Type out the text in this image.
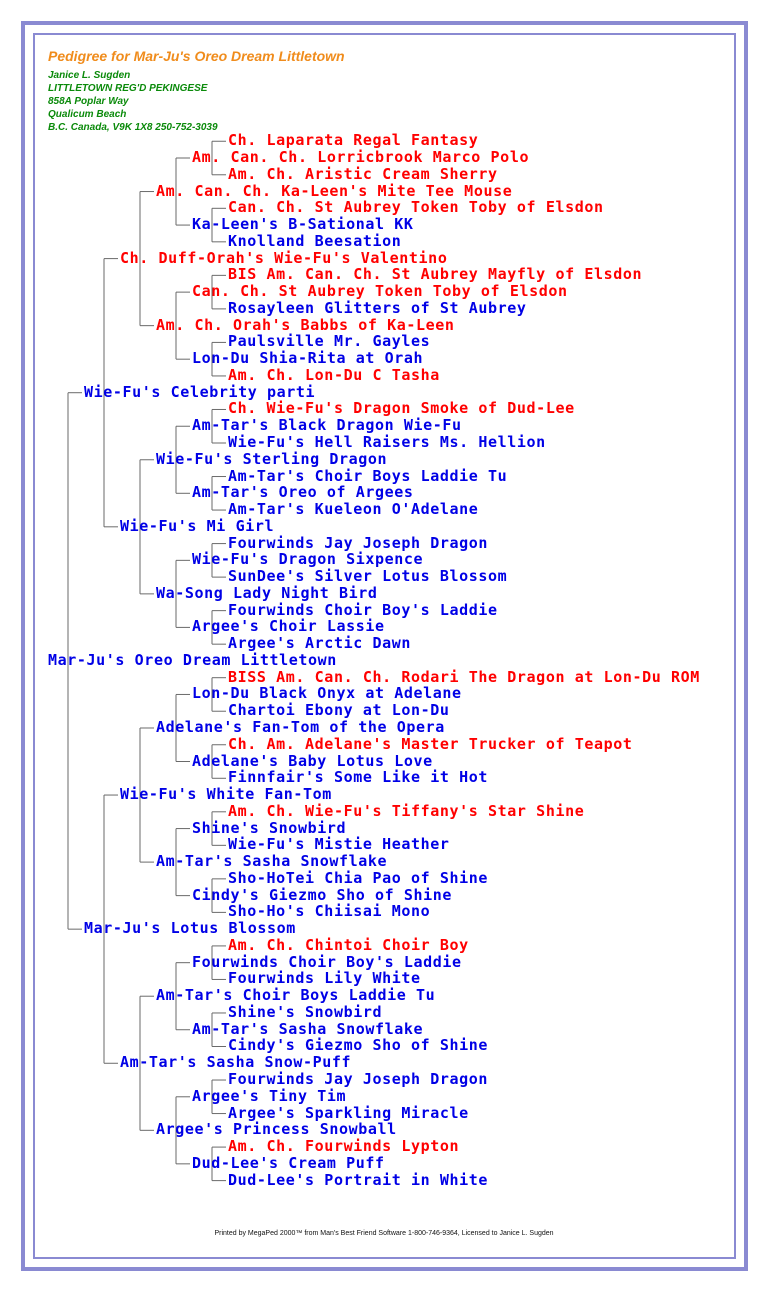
Pedigree for Mar-Ju's Oreo Dream Littletown
Janice L. Sugden
LITTLETOWN REG'D PEKINGESE
858A Poplar Way
Qualicum Beach
B.C. Canada, V9K 1X8 250-752-3039
Mar-Ju's Oreo Dream Littletown
Wie-Fu's Celebrity parti
Ch. Duff-Orah's Wie-Fu's Valentino
Am. Can. Ch. Ka-Leen's Mite Tee Mouse
Am. Can. Ch. Lorricbrook Marco Polo
Ch. Laparata Regal Fantasy
Am. Ch. Aristic Cream Sherry
Ka-Leen's B-Sational KK
Can. Ch. St Aubrey Token Toby of Elsdon
Knolland Beesation
Am. Ch. Orah's Babbs of Ka-Leen
Can. Ch. St Aubrey Token Toby of Elsdon
BIS Am. Can. Ch. St Aubrey Mayfly of Elsdon
Rosayleen Glitters of St Aubrey
Lon-Du Shia-Rita at Orah
Paulsville Mr. Gayles
Am. Ch. Lon-Du C Tasha
Wie-Fu's Mi Girl
Wie-Fu's Sterling Dragon
Am-Tar's Black Dragon Wie-Fu
Ch. Wie-Fu's Dragon Smoke of Dud-Lee
Wie-Fu's Hell Raisers Ms. Hellion
Am-Tar's Oreo of Argees
Am-Tar's Choir Boys Laddie Tu
Am-Tar's Kueleon O'Adelane
Wa-Song Lady Night Bird
Wie-Fu's Dragon Sixpence
Fourwinds Jay Joseph Dragon
SunDee's Silver Lotus Blossom
Argee's Choir Lassie
Fourwinds Choir Boy's Laddie
Argee's Arctic Dawn
Mar-Ju's Lotus Blossom
Wie-Fu's White Fan-Tom
Adelane's Fan-Tom of the Opera
Lon-Du Black Onyx at Adelane
BISS Am. Can. Ch. Rodari The Dragon at Lon-Du ROM
Chartoi Ebony at Lon-Du
Adelane's Baby Lotus Love
Ch. Am. Adelane's Master Trucker of Teapot
Finnfair's Some Like it Hot
Am-Tar's Sasha Snowflake
Shine's Snowbird
Am. Ch. Wie-Fu's Tiffany's Star Shine
Wie-Fu's Mistie Heather
Cindy's Giezmo Sho of Shine
Sho-HoTei Chia Pao of Shine
Sho-Ho's Chiisai Mono
Am-Tar's Sasha Snow-Puff
Am-Tar's Choir Boys Laddie Tu
Fourwinds Choir Boy's Laddie
Am. Ch. Chintoi Choir Boy
Fourwinds Lily White
Am-Tar's Sasha Snowflake
Shine's Snowbird
Cindy's Giezmo Sho of Shine
Argee's Princess Snowball
Argee's Tiny Tim
Fourwinds Jay Joseph Dragon
Argee's Sparkling Miracle
Dud-Lee's Cream Puff
Am. Ch. Fourwinds Lypton
Dud-Lee's Portrait in White
Printed by MegaPed 2000™ from Man's Best Friend Software 1-800-746-9364, Licensed to Janice L. Sugden
